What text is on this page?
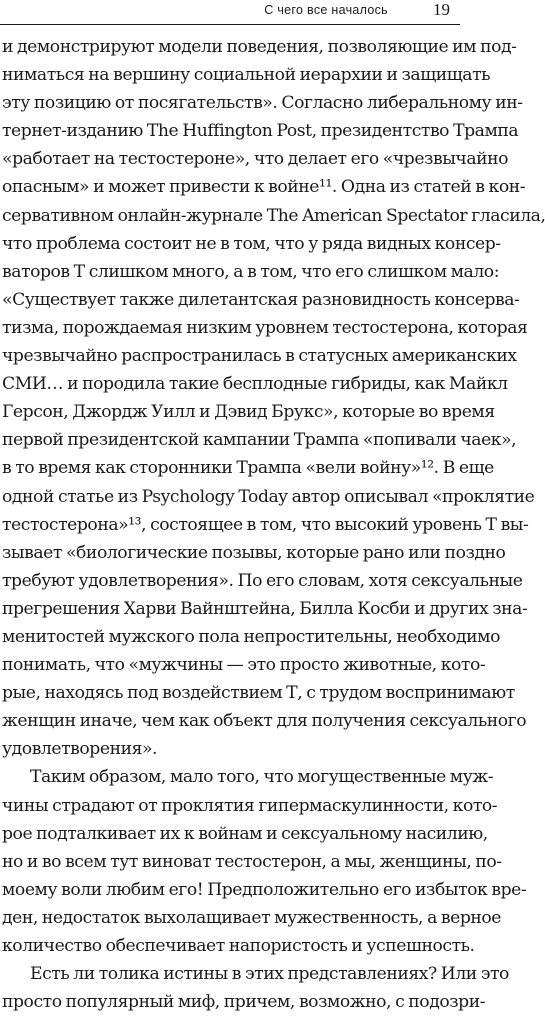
С чего все началось	19
и демонстрируют модели поведения, позволяющие им под-
ниматься на вершину социальной иерархии и защищать
эту позицию от посягательств». Согласно либеральному ин-
тернет-изданию The Huffington Post, президентство Трампа
«работает на тестостероне», что делает его «чрезвычайно
опасным» и может привести к войне¹¹. Одна из статей в кон-
сервативном онлайн-журнале The American Spectator гласила,
что проблема состоит не в том, что у ряда видных консер-
ваторов Т слишком много, а в том, что его слишком мало:
«Существует также дилетантская разновидность консерва-
тизма, порождаемая низким уровнем тестостерона, которая
чрезвычайно распространилась в статусных американских
СМИ… и породила такие бесплодные гибриды, как Майкл
Герсон, Джордж Уилл и Дэвид Брукс», которые во время
первой президентской кампании Трампа «попивали чаек»,
в то время как сторонники Трампа «вели войну»¹². В еще
одной статье из Psychology Today автор описывал «проклятие
тестостерона»¹³, состоящее в том, что высокий уровень Т вы-
зывает «биологические позывы, которые рано или поздно
требуют удовлетворения». По его словам, хотя сексуальные
прегрешения Харви Вайнштейна, Билла Косби и других зна-
менитостей мужского пола непростительны, необходимо
понимать, что «мужчины — это просто животные, кото-
рые, находясь под воздействием Т, с трудом воспринимают
женщин иначе, чем как объект для получения сексуального
удовлетворения».
Таким образом, мало того, что могущественные муж-
чины страдают от проклятия гипермаскулинности, кото-
рое подталкивает их к войнам и сексуальному насилию,
но и во всем тут виноват тестостерон, а мы, женщины, по-
моему воли любим его! Предположительно его избыток вре-
ден, недостаток выхолащивает мужественность, а верное
количество обеспечивает напористость и успешность.
Есть ли толика истины в этих представлениях? Или это
просто популярный миф, причем, возможно, с подозри-
